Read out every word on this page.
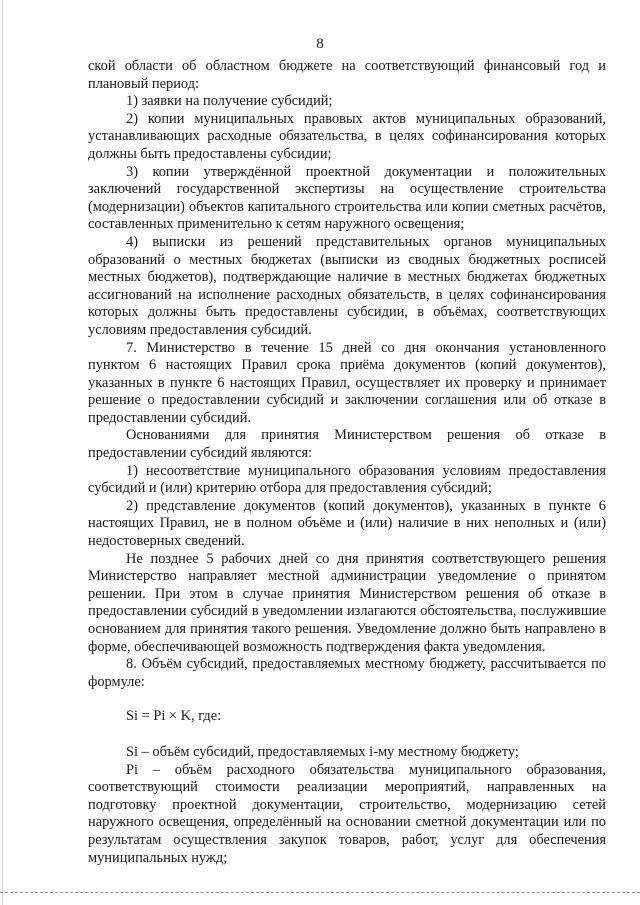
8

ской области об областном бюджете на соответствующий финансовый год и плановый период:

1) заявки на получение субсидий;

2) копии муниципальных правовых актов муниципальных образований, устанавливающих расходные обязательства, в целях софинансирования которых должны быть предоставлены субсидии;

3) копии утверждённой проектной документации и положительных заключений государственной экспертизы на осуществление строительства (модернизации) объектов капитального строительства или копии сметных расчётов, составленных применительно к сетям наружного освещения;

4) выписки из решений представительных органов муниципальных образований о местных бюджетах (выписки из сводных бюджетных росписей местных бюджетов), подтверждающие наличие в местных бюджетах бюджетных ассигнований на исполнение расходных обязательств, в целях софинансирования которых должны быть предоставлены субсидии, в объёмах, соответствующих условиям предоставления субсидий.

7. Министерство в течение 15 дней со дня окончания установленного пунктом 6 настоящих Правил срока приёма документов (копий документов), указанных в пункте 6 настоящих Правил, осуществляет их проверку и принимает решение о предоставлении субсидий и заключении соглашения или об отказе в предоставлении субсидий.

Основаниями для принятия Министерством решения об отказе в предоставлении субсидий являются:

1) несоответствие муниципального образования условиям предоставления субсидий и (или) критерию отбора для предоставления субсидий;

2) представление документов (копий документов), указанных в пункте 6 настоящих Правил, не в полном объёме и (или) наличие в них неполных и (или) недостоверных сведений.

Не позднее 5 рабочих дней со дня принятия соответствующего решения Министерство направляет местной администрации уведомление о принятом решении. При этом в случае принятия Министерством решения об отказе в предоставлении субсидий в уведомлении излагаются обстоятельства, послужившие основанием для принятия такого решения. Уведомление должно быть направлено в форме, обеспечивающей возможность подтверждения факта уведомления.

8. Объём субсидий, предоставляемых местному бюджету, рассчитывается по формуле:

Si = Pi × K, где:

Si – объём субсидий, предоставляемых i-му местному бюджету;

Pi – объём расходного обязательства муниципального образования, соответствующий стоимости реализации мероприятий, направленных на подготовку проектной документации, строительство, модернизацию сетей наружного освещения, определённый на основании сметной документации или по результатам осуществления закупок товаров, работ, услуг для обеспечения муниципальных нужд;
